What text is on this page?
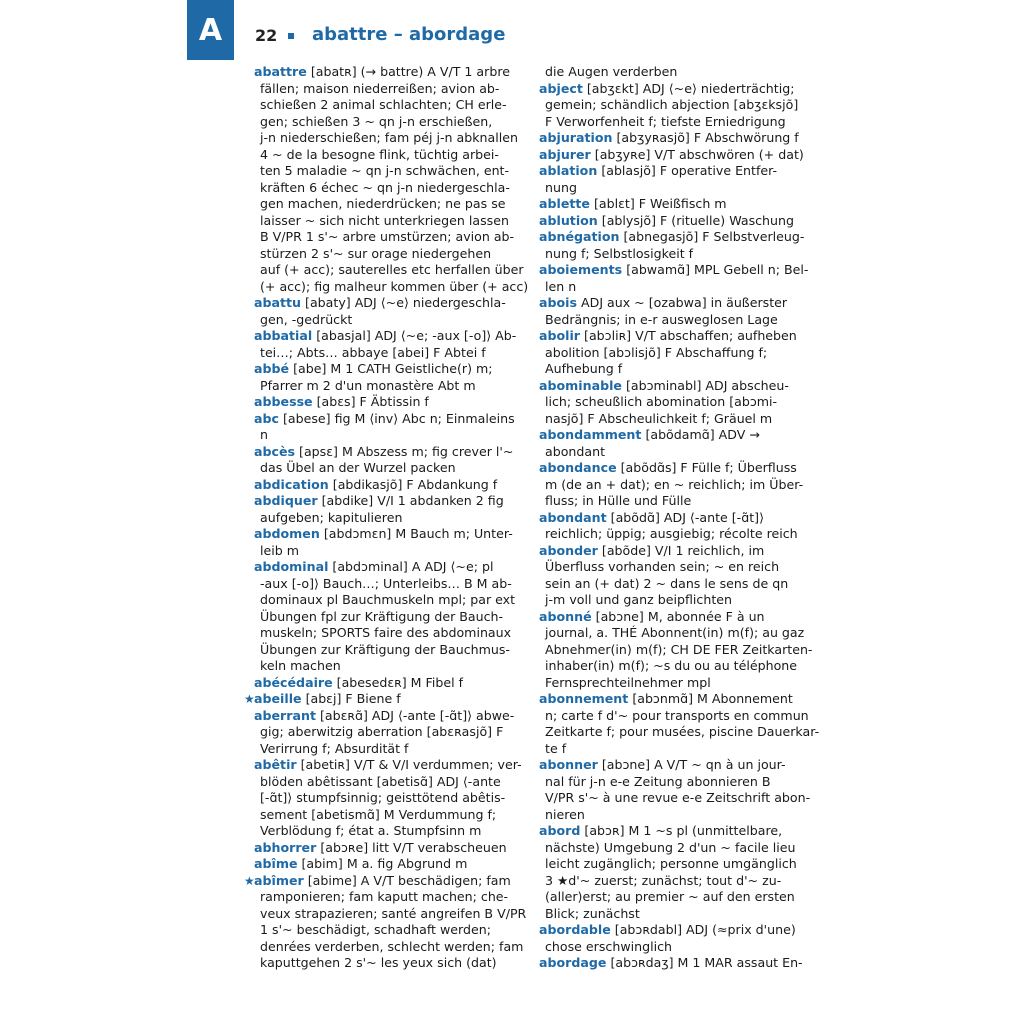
A	22 abattre – abordage
abattre [abatʀ] (→ battre) A V/T 1 arbre
fällen; maison niederreißen; avion ab-
schießen 2 animal schlachten; CH erle-
gen; schießen 3 ~ qn j-n erschießen,
j-n niederschießen; fam péj j-n abknallen
4 ~ de la besogne flink, tüchtig arbei-
ten 5 maladie ~ qn j-n schwächen, ent-
kräften 6 échec ~ qn j-n niedergeschla-
gen machen, niederdrücken; ne pas se
laisser ~ sich nicht unterkriegen lassen
B V/PR 1 s'~ arbre umstürzen; avion ab-
stürzen 2 s'~ sur orage niedergehen
auf (+ acc); sauterelles etc herfallen über
(+ acc); fig malheur kommen über (+ acc)
abattu [abaty] ADJ ⟨~e⟩ niedergeschla-
gen, -gedrückt
abbatial [abasjal] ADJ ⟨~e; -aux [-o]⟩ Ab-
tei…; Abts… abbaye [abei] F Abtei f
abbé [abe] M 1 CATH Geistliche(r) m;
Pfarrer m 2 d'un monastère Abt m
abbesse [abɛs] F Äbtissin f
abc [abese] fig M ⟨inv⟩ Abc n; Einmaleins
n
abcès [apsɛ] M Abszess m; fig crever l'~
das Übel an der Wurzel packen
abdication [abdikasjõ] F Abdankung f
abdiquer [abdike] V/I 1 abdanken 2 fig
aufgeben; kapitulieren
abdomen [abdɔmɛn] M Bauch m; Unter-
leib m
abdominal [abdɔminal] A ADJ ⟨~e; pl
-aux [-o]⟩ Bauch…; Unterleibs… B M ab-
dominaux pl Bauchmuskeln mpl; par ext
Übungen fpl zur Kräftigung der Bauch-
muskeln; SPORTS faire des abdominaux
Übungen zur Kräftigung der Bauchmus-
keln machen
abécédaire [abesedɛʀ] M Fibel f
★abeille [abɛj] F Biene f
aberrant [abɛʀɑ̃] ADJ ⟨-ante [-ɑ̃t]⟩ abwe-
gig; aberwitzig aberration [abɛʀasjõ] F
Verirrung f; Absurdität f
abêtir [abetiʀ] V/T & V/I verdummen; ver-
blöden abêtissant [abetisɑ̃] ADJ ⟨-ante
[-ɑ̃t]⟩ stumpfsinnig; geisttötend abêtis-
sement [abetismɑ̃] M Verdummung f;
Verblödung f; état a. Stumpfsinn m
abhorrer [abɔʀe] litt V/T verabscheuen
abîme [abim] M a. fig Abgrund m
★abîmer [abime] A V/T beschädigen; fam
ramponieren; fam kaputt machen; che-
veux strapazieren; santé angreifen B V/PR
1 s'~ beschädigt, schadhaft werden;
denrées verderben, schlecht werden; fam
kaputtgehen 2 s'~ les yeux sich (dat)
die Augen verderben
abject [abʒɛkt] ADJ ⟨~e⟩ niederträchtig;
gemein; schändlich abjection [abʒɛksjõ]
F Verworfenheit f; tiefste Erniedrigung
abjuration [abʒyʀasjõ] F Abschwörung f
abjurer [abʒyʀe] V/T abschwören (+ dat)
ablation [ablasjõ] F operative Entfer-
nung
ablette [ablɛt] F Weißfisch m
ablution [ablysjõ] F (rituelle) Waschung
abnégation [abnegasjõ] F Selbstverleug-
nung f; Selbstlosigkeit f
aboiements [abwamɑ̃] MPL Gebell n; Bel-
len n
abois ADJ aux ~ [ozabwa] in äußerster
Bedrängnis; in e-r ausweglosen Lage
abolir [abɔliʀ] V/T abschaffen; aufheben
abolition [abɔlisjõ] F Abschaffung f;
Aufhebung f
abominable [abɔminabl] ADJ abscheu-
lich; scheußlich abomination [abɔmi-
nasjõ] F Abscheulichkeit f; Gräuel m
abondamment [abõdamɑ̃] ADV →
abondant
abondance [abõdɑ̃s] F Fülle f; Überfluss
m (de an + dat); en ~ reichlich; im Über-
fluss; in Hülle und Fülle
abondant [abõdɑ̃] ADJ ⟨-ante [-ɑ̃t]⟩
reichlich; üppig; ausgiebig; récolte reich
abonder [abõde] V/I 1 reichlich, im
Überfluss vorhanden sein; ~ en reich
sein an (+ dat) 2 ~ dans le sens de qn
j-m voll und ganz beipflichten
abonné [abɔne] M, abonnée F à un
journal, a. THÉ Abonnent(in) m(f); au gaz
Abnehmer(in) m(f); CH DE FER Zeitkarten-
inhaber(in) m(f); ~s du ou au téléphone
Fernsprechteilnehmer mpl
abonnement [abɔnmɑ̃] M Abonnement
n; carte f d'~ pour transports en commun
Zeitkarte f; pour musées, piscine Dauerkar-
te f
abonner [abɔne] A V/T ~ qn à un jour-
nal für j-n e-e Zeitung abonnieren B
V/PR s'~ à une revue e-e Zeitschrift abon-
nieren
abord [abɔʀ] M 1 ~s pl (unmittelbare,
nächste) Umgebung 2 d'un ~ facile lieu
leicht zugänglich; personne umgänglich
3 ★d'~ zuerst; zunächst; tout d'~ zu-
(aller)erst; au premier ~ auf den ersten
Blick; zunächst
abordable [abɔʀdabl] ADJ (≈prix d'une)
chose erschwinglich
abordage [abɔʀdaʒ] M 1 MAR assaut En-
